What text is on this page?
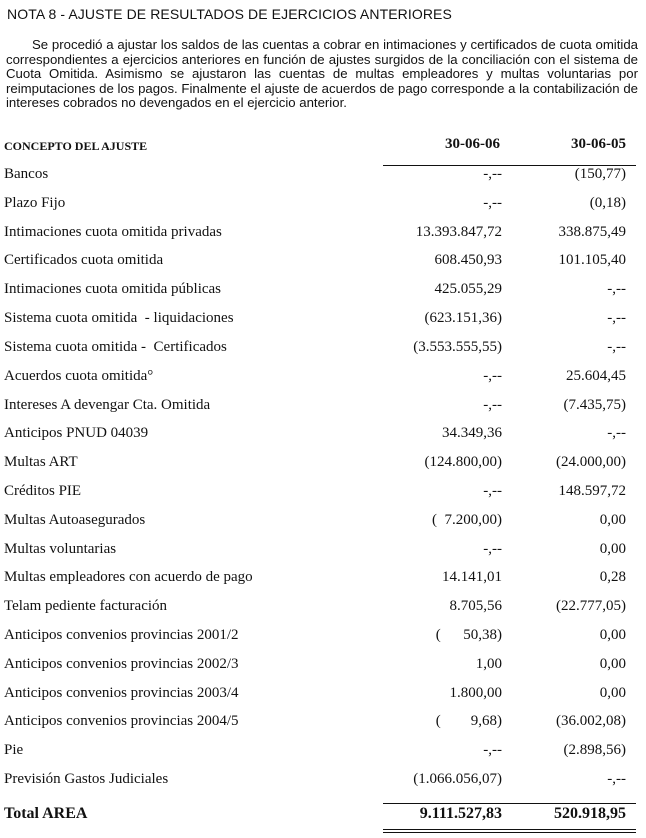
NOTA 8 - AJUSTE DE RESULTADOS DE EJERCICIOS ANTERIORES

Se procedió a ajustar los saldos de las cuentas a cobrar en intimaciones y certificados de cuota omitida correspondientes a ejercicios anteriores en función de ajustes surgidos de la conciliación con el sistema de Cuota Omitida. Asimismo se ajustaron las cuentas de multas empleadores y multas voluntarias por reimputaciones de los pagos. Finalmente el ajuste de acuerdos de pago corresponde a la contabilización de intereses cobrados no devengados en el ejercicio anterior.

CONCEPTO DEL AJUSTE	30-06-06	30-06-05
Bancos	-,--	(150,77)
Plazo Fijo	-,--	(0,18)
Intimaciones cuota omitida privadas	13.393.847,72	338.875,49
Certificados cuota omitida	608.450,93	101.105,40
Intimaciones cuota omitida públicas	425.055,29	-,--
Sistema cuota omitida  - liquidaciones	(623.151,36)	-,--
Sistema cuota omitida -  Certificados	(3.553.555,55)	-,--
Acuerdos cuota omitida°	-,--	25.604,45
Intereses A devengar Cta. Omitida	-,--	(7.435,75)
Anticipos PNUD 04039	34.349,36	-,--
Multas ART	(124.800,00)	(24.000,00)
Créditos PIE	-,--	148.597,72
Multas Autoasegurados	(  7.200,00)	0,00
Multas voluntarias	-,--	0,00
Multas empleadores con acuerdo de pago	14.141,01	0,28
Telam pediente facturación	8.705,56	(22.777,05)
Anticipos convenios provincias 2001/2	(      50,38)	0,00
Anticipos convenios provincias 2002/3	1,00	0,00
Anticipos convenios provincias 2003/4	1.800,00	0,00
Anticipos convenios provincias 2004/5	(        9,68)	(36.002,08)
Pie	-,--	(2.898,56)
Previsión Gastos Judiciales	(1.066.056,07)	-,--
Total AREA	9.111.527,83	520.918,95
